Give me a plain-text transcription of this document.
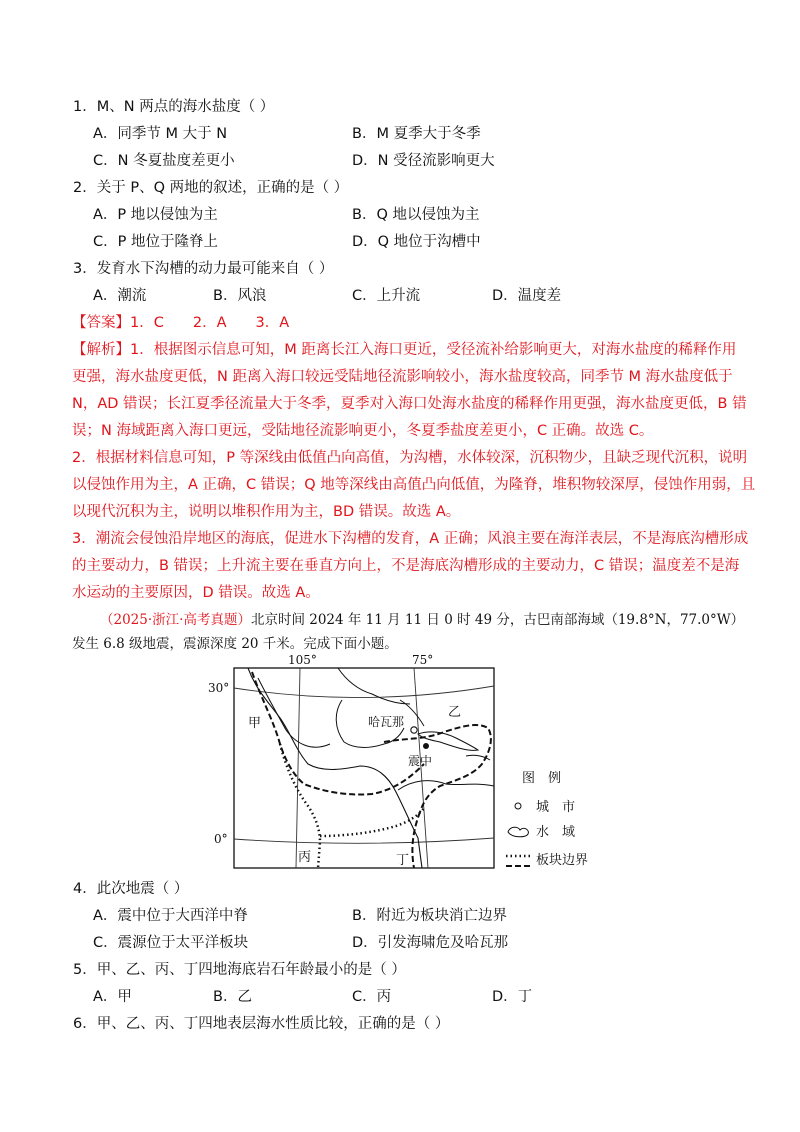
1．M、N 两点的海水盐度（ ）
A．同季节 M 大于 N	B．M 夏季大于冬季
C．N 冬夏盐度差更小	D．N 受径流影响更大
2．关于 P、Q 两地的叙述，正确的是（ ）
A．P 地以侵蚀为主	B．Q 地以侵蚀为主
C．P 地位于隆脊上	D．Q 地位于沟槽中
3．发育水下沟槽的动力最可能来自（ ）
A．潮流	B．风浪	C．上升流	D．温度差
【答案】1．C　　2．A　　3．A
【解析】1．根据图示信息可知，M 距离长江入海口更近，受径流补给影响更大，对海水盐度的稀释作用
更强，海水盐度更低，N 距离入海口较远受陆地径流影响较小，海水盐度较高，同季节 M 海水盐度低于
N，AD 错误；长江夏季径流量大于冬季，夏季对入海口处海水盐度的稀释作用更强，海水盐度更低，B 错
误；N 海域距离入海口更远，受陆地径流影响更小，冬夏季盐度差更小，C 正确。故选 C。
2．根据材料信息可知，P 等深线由低值凸向高值，为沟槽，水体较深，沉积物少，且缺乏现代沉积，说明
以侵蚀作用为主，A 正确，C 错误；Q 地等深线由高值凸向低值，为隆脊，堆积物较深厚，侵蚀作用弱，且
以现代沉积为主，说明以堆积作用为主，BD 错误。故选 A。
3．潮流会侵蚀沿岸地区的海底，促进水下沟槽的发育，A 正确；风浪主要在海洋表层，不是海底沟槽形成
的主要动力，B 错误；上升流主要在垂直方向上，不是海底沟槽形成的主要动力，C 错误；温度差不是海
水运动的主要原因，D 错误。故选 A。
（2025·浙江·高考真题）北京时间 2024 年 11 月 11 日 0 时 49 分，古巴南部海域（19.8°N，77.0°W）
发生 6.8 级地震，震源深度 20 千米。完成下面小题。
105°	75°
30°
0°
甲
乙
丙	丁
哈瓦那
震中
图　例
城　市
水　域
板块边界
4．此次地震（ ）
A．震中位于大西洋中脊	B．附近为板块消亡边界
C．震源位于太平洋板块	D．引发海啸危及哈瓦那
5．甲、乙、丙、丁四地海底岩石年龄最小的是（ ）
A．甲	B．乙	C．丙	D．丁
6．甲、乙、丙、丁四地表层海水性质比较，正确的是（ ）
